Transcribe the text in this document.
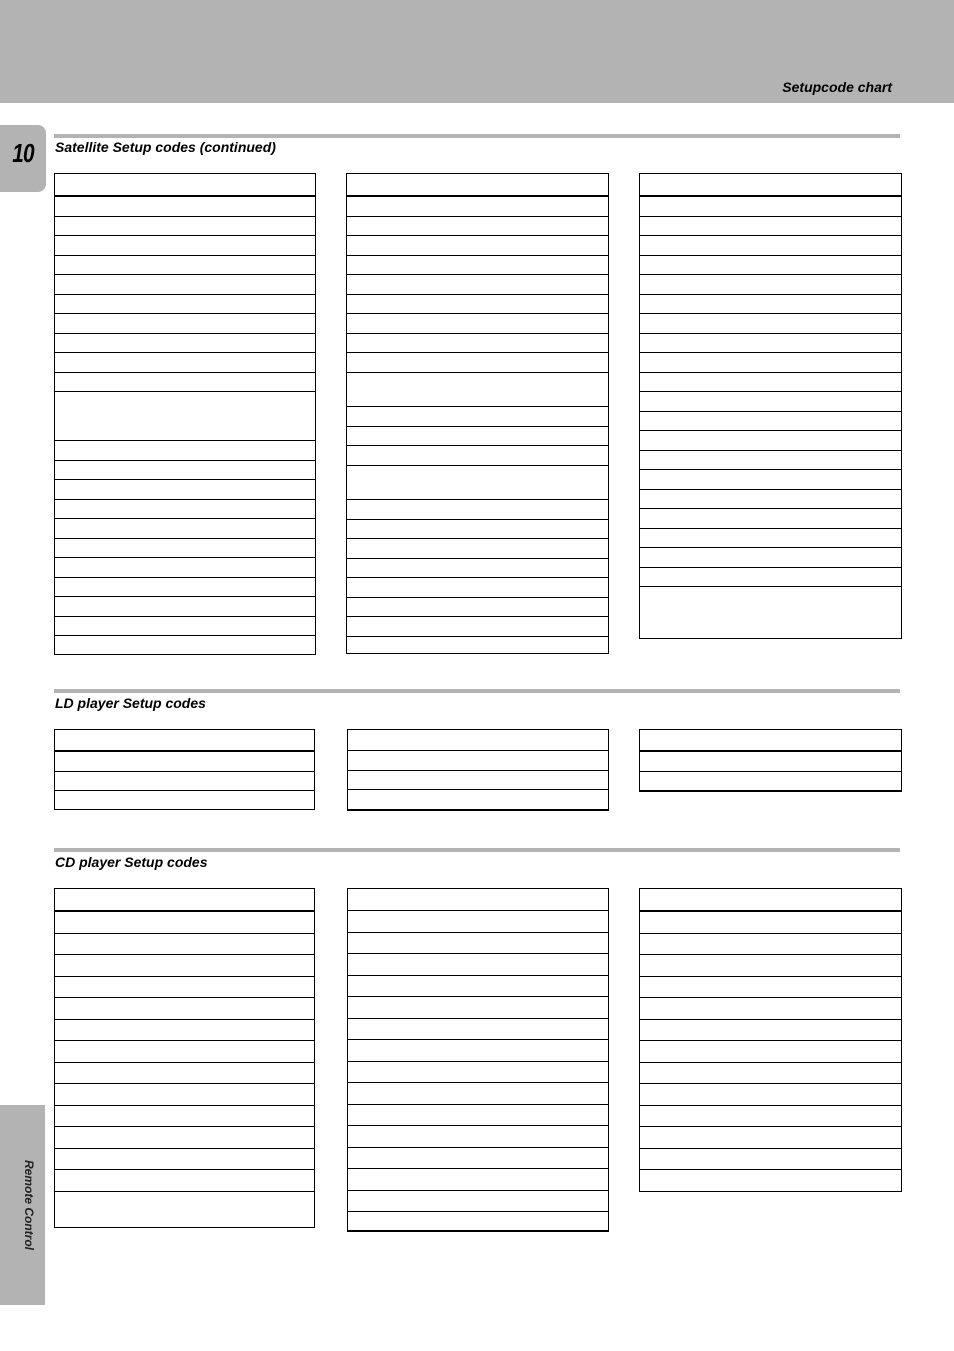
Setupcode chart
10
Remote Control
Satellite Setup codes (continued)
LD player Setup codes
CD player Setup codes
